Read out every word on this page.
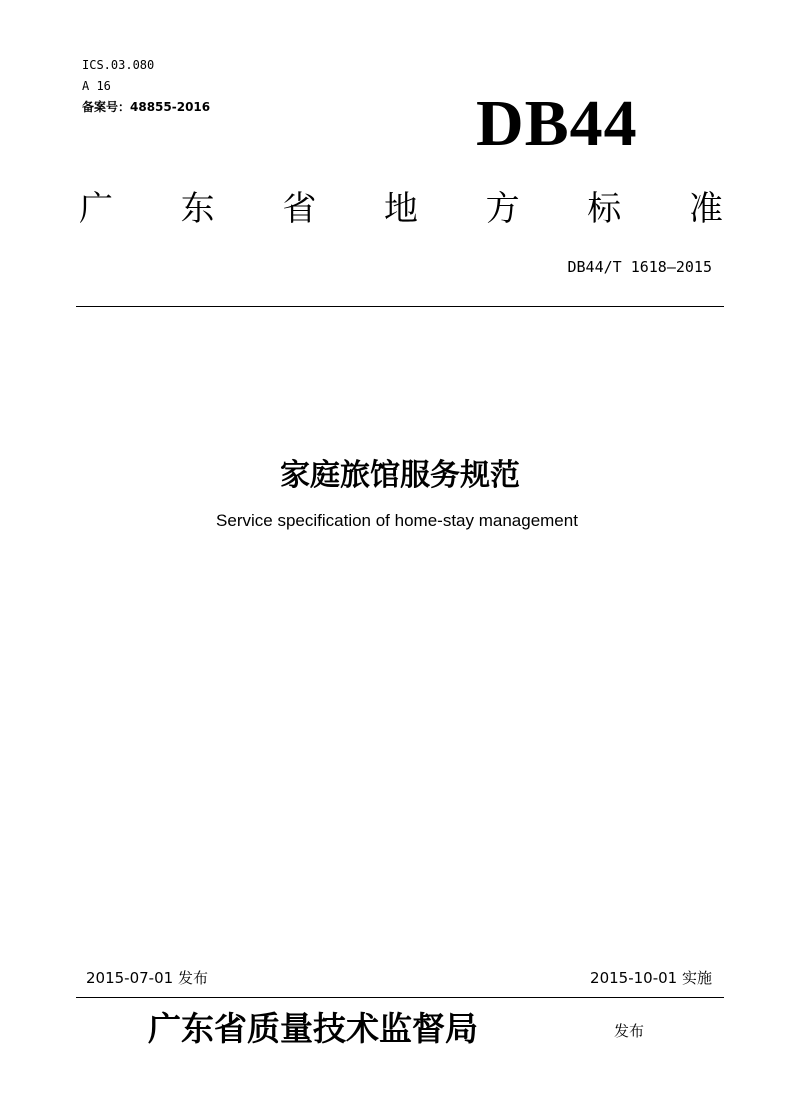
ICS.03.080
A 16
备案号：48855-2016	DB44
广 东 省 地 方 标 准
DB44/T 1618—2015
家庭旅馆服务规范
Service specification of home-stay management
2015-07-01 发布	2015-10-01 实施
广东省质量技术监督局	发布
